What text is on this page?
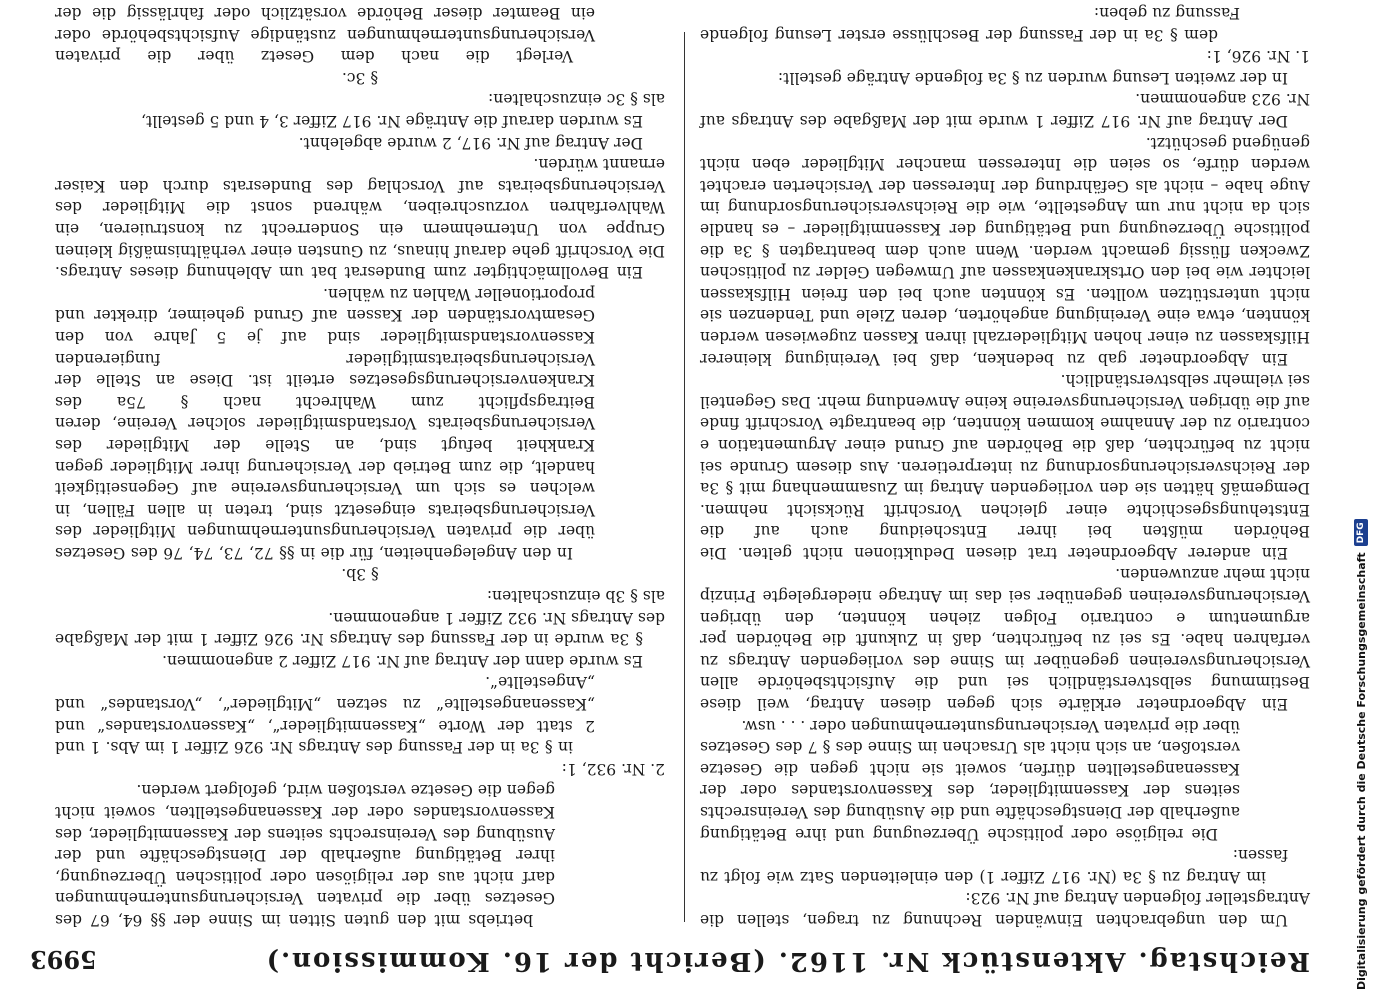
Reichstag. Aktenstück Nr. 1162. (Bericht der 16. Kommission.)
5993

Um den ungebrachten Einwänden Rechnung zu tragen, stellen die Antragsteller folgenden Antrag auf Nr. 923:

im Antrag zu § 3a (Nr. 917 Ziffer 1) den einleitenden Satz wie folgt zu fassen:

Die religiöse oder politische Überzeugung und ihre Betätigung außerhalb der Dienstgeschäfte und die Ausübung des Vereinsrechts seitens der Kassenmitglieder, des Kassenvorstandes oder der Kassenangestellten dürfen, soweit sie nicht gegen die Gesetze verstoßen, an sich nicht als Ursachen im Sinne des § 7 des Gesetzes über die privaten Versicherungsunternehmungen oder . . . usw.

Ein Abgeordneter erklärte sich gegen diesen Antrag, weil diese Bestimmung selbstverständlich sei und die Aufsichtsbehörde allen Versicherungsvereinen gegenüber im Sinne des vorliegenden Antrags zu verfahren habe. Es sei zu befürchten, daß in Zukunft die Behörden per argumentum e contrario Folgen ziehen könnten, den übrigen Versicherungsvereinen gegenüber sei das im Antrage niedergelegte Prinzip nicht mehr anzuwenden.

Ein anderer Abgeordneter trat diesen Deduktionen nicht gelten. Die Behörden müßten bei ihrer Entscheidung auch auf die Entstehungsgeschichte einer gleichen Vorschrift Rücksicht nehmen. Demgemäß hätten sie den vorliegenden Antrag im Zusammenhang mit § 3a der Reichsversicherungsordnung zu interpretieren. Aus diesem Grunde sei nicht zu befürchten, daß die Behörden auf Grund einer Argumentation e contrario zu der Annahme kommen könnten, die beantragte Vorschrift finde auf die übrigen Versicherungsvereine keine Anwendung mehr. Das Gegenteil sei vielmehr selbstverständlich.

Ein Abgeordneter gab zu bedenken, daß bei Vereinigung kleinerer Hilfskassen zu einer hohen Mitgliederzahl ihren Kassen zugewiesen werden könnten, etwa eine Vereinigung angehörten, deren Ziele und Tendenzen sie nicht unterstützen wollten. Es könnten auch bei den freien Hilfskassen leichter wie bei den Ortskrankenkassen auf Umwegen Gelder zu politischen Zwecken flüssig gemacht werden. Wenn auch dem beantragten § 3a die politische Überzeugung und Betätigung der Kassenmitglieder – es handle sich da nicht nur um Angestellte, wie die Reichsversicherungsordnung im Auge habe – nicht als Gefährdung der Interessen der Versicherten erachtet werden dürfe, so seien die Interessen mancher Mitglieder eben nicht genügend geschützt.

Der Antrag auf Nr. 917 Ziffer 1 wurde mit der Maßgabe des Antrags auf Nr. 923 angenommen.

In der zweiten Lesung wurden zu § 3a folgende Anträge gestellt:

1. Nr. 926, 1:

dem § 3a in der Fassung der Beschlüsse erster Lesung folgende Fassung zu geben:

betriebs mit den guten Sitten im Sinne der §§ 64, 67 des Gesetzes über die privaten Versicherungsunternehmungen darf nicht aus der religiösen oder politischen Überzeugung, ihrer Betätigung außerhalb der Dienstgeschäfte und der Ausübung des Vereinsrechts seitens der Kassenmitglieder, des Kassenvorstandes oder der Kassenangestellten, soweit nicht gegen die Gesetze verstoßen wird, gefolgert werden.

2. Nr. 932, 1:

in § 3a in der Fassung des Antrags Nr. 926 Ziffer 1 im Abs. 1 und 2 statt der Worte „Kassenmitglieder“, „Kassenvorstandes“ und „Kassenangestellte“ zu setzen „Mitglieder“, „Vorstandes“ und „Angestellte“.

Es wurde dann der Antrag auf Nr. 917 Ziffer 2 angenommen.

§ 3a wurde in der Fassung des Antrags Nr. 926 Ziffer 1 mit der Maßgabe des Antrags Nr. 932 Ziffer 1 angenommen.

als § 3b einzuschalten:

§ 3b.

In den Angelegenheiten, für die in §§ 72, 73, 74, 76 des Gesetzes über die privaten Versicherungsunternehmungen Mitglieder des Versicherungsbeirats eingesetzt sind, treten in allen Fällen, in welchen es sich um Versicherungsvereine auf Gegenseitigkeit handelt, die zum Betrieb der Versicherung ihrer Mitglieder gegen Krankheit befugt sind, an Stelle der Mitglieder des Versicherungsbeirats Vorstandsmitglieder solcher Vereine, deren Beitragspflicht zum Wahlrecht nach § 75a des Krankenversicherungsgesetzes erteilt ist. Diese an Stelle der Versicherungsbeiratsmitglieder fungierenden Kassenvorstandsmitglieder sind auf je 5 Jahre von den Gesamtvorständen der Kassen auf Grund geheimer, direkter und proportioneller Wahlen zu wählen.

Ein Bevollmächtigter zum Bundesrat bat um Ablehnung dieses Antrags. Die Vorschrift gehe darauf hinaus, zu Gunsten einer verhältnismäßig kleinen Gruppe von Unternehmern ein Sonderrecht zu konstruieren, ein Wahlverfahren vorzuschreiben, während sonst die Mitglieder des Versicherungsbeirats auf Vorschlag des Bundesrats durch den Kaiser ernannt würden.

Der Antrag auf Nr. 917, 2 wurde abgelehnt.

Es wurden darauf die Anträge Nr. 917 Ziffer 3, 4 und 5 gestellt,

als § 3c einzuschalten:

§ 3c.

Verlegt die nach dem Gesetz über die privaten Versicherungsunternehmungen zuständige Aufsichtsbehörde oder ein Beamter dieser Behörde vorsätzlich oder fahrlässig die der

Digitalisierung gefördert durch die Deutsche Forschungsgemeinschaft
DFG
